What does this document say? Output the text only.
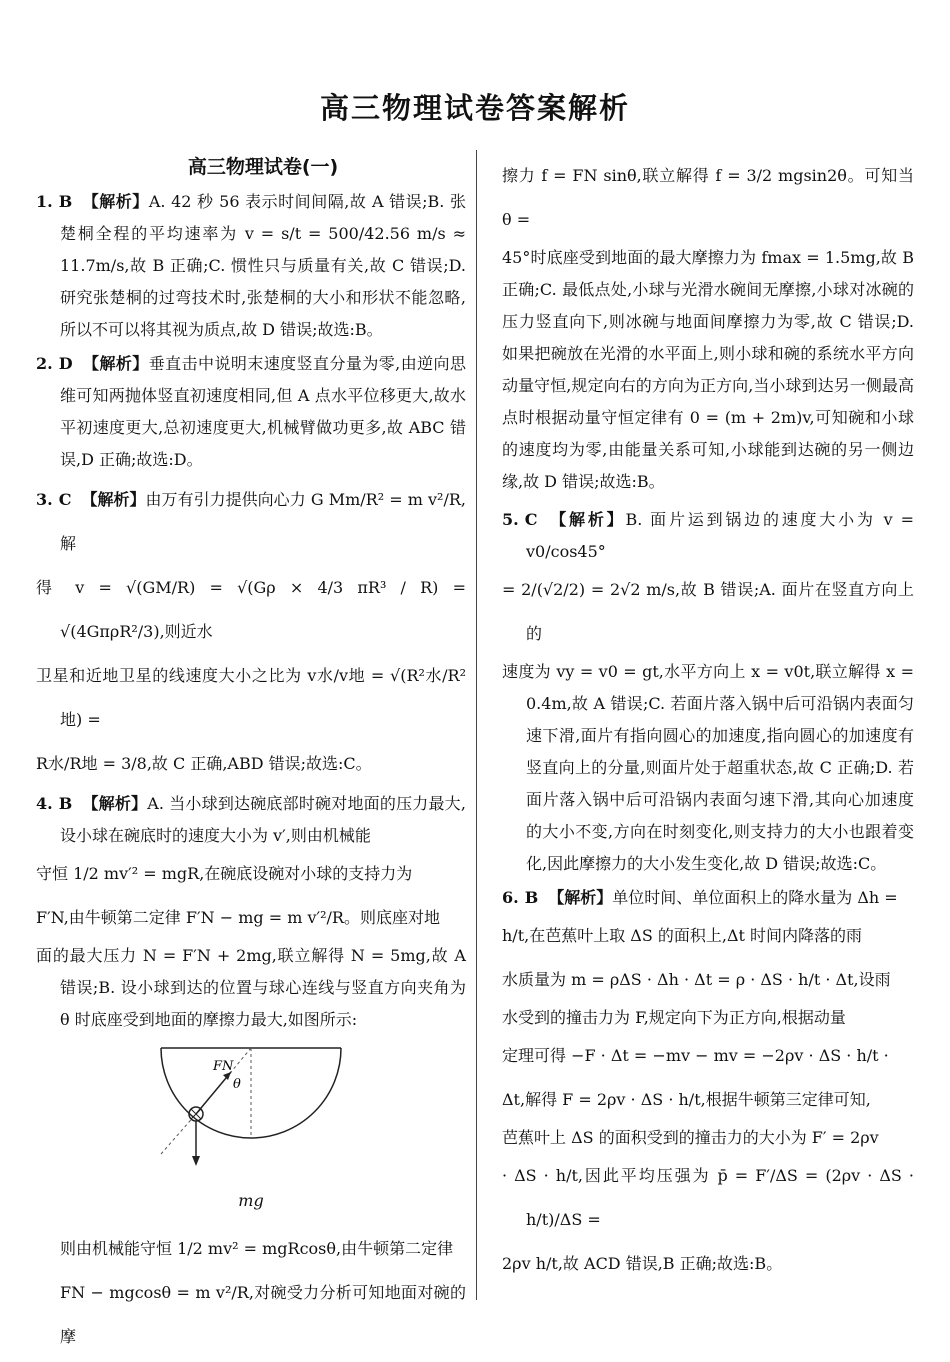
高三物理试卷答案解析
高三物理试卷(一)

1. B 【解析】A. 42 秒 56 表示时间间隔,故 A 错误;B. 张楚桐全程的平均速率为 v = s/t = 500/42.56 m/s ≈ 11.7m/s,故 B 正确;C. 惯性只与质量有关,故 C 错误;D. 研究张楚桐的过弯技术时,张楚桐的大小和形状不能忽略,所以不可以将其视为质点,故 D 错误;故选:B。

2. D 【解析】垂直击中说明末速度竖直分量为零,由逆向思维可知两抛体竖直初速度相同,但 A 点水平位移更大,故水平初速度更大,总初速度更大,机械臂做功更多,故 ABC 错误,D 正确;故选:D。

3. C 【解析】由万有引力提供向心力 G Mm/R² = m v²/R,解
得 v = √(GM/R) = √(Gρ × 4/3 πR³ / R) = √(4GπρR²/3),则近水
卫星和近地卫星的线速度大小之比为 v水/v地 = √(R²水/R²地) =
R水/R地 = 3/8,故 C 正确,ABD 错误;故选:C。

4. B 【解析】A. 当小球到达碗底部时碗对地面的压力最大,设小球在碗底时的速度大小为 v′,则由机械能
守恒 1/2 mv′² = mgR,在碗底设碗对小球的支持力为
F′N,由牛顿第二定律 F′N − mg = m v′²/R。则底座对地
面的最大压力 N = F′N + 2mg,联立解得 N = 5mg,故 A 错误;B. 设小球到达的位置与球心连线与竖直方向夹角为 θ 时底座受到地面的摩擦力最大,如图所示:

FN
θ
mg

则由机械能守恒 1/2 mv² = mgRcosθ,由牛顿第二定律
FN − mgcosθ = m v²/R,对碗受力分析可知地面对碗的摩

擦力 f = FN sinθ,联立解得 f = 3/2 mgsin2θ。可知当 θ =
45°时底座受到地面的最大摩擦力为 fmax = 1.5mg,故 B 正确;C. 最低点处,小球与光滑水碗间无摩擦,小球对冰碗的压力竖直向下,则冰碗与地面间摩擦力为零,故 C 错误;D. 如果把碗放在光滑的水平面上,则小球和碗的系统水平方向动量守恒,规定向右的方向为正方向,当小球到达另一侧最高点时根据动量守恒定律有 0 = (m + 2m)v,可知碗和小球的速度均为零,由能量关系可知,小球能到达碗的另一侧边缘,故 D 错误;故选:B。

5. C 【解析】B. 面片运到锅边的速度大小为 v = v0/cos45°
= 2/(√2/2) = 2√2 m/s,故 B 错误;A. 面片在竖直方向上的
速度为 vy = v0 = gt,水平方向上 x = v0t,联立解得 x = 0.4m,故 A 错误;C. 若面片落入锅中后可沿锅内表面匀速下滑,面片有指向圆心的加速度,指向圆心的加速度有竖直向上的分量,则面片处于超重状态,故 C 正确;D. 若面片落入锅中后可沿锅内表面匀速下滑,其向心加速度的大小不变,方向在时刻变化,则支持力的大小也跟着变化,因此摩擦力的大小发生变化,故 D 错误;故选:C。

6. B 【解析】单位时间、单位面积上的降水量为 Δh =
h/t,在芭蕉叶上取 ΔS 的面积上,Δt 时间内降落的雨
水质量为 m = ρΔS · Δh · Δt = ρ · ΔS · h/t · Δt,设雨
水受到的撞击力为 F,规定向下为正方向,根据动量
定理可得 −F · Δt = −mv − mv = −2ρv · ΔS · h/t ·
Δt,解得 F = 2ρv · ΔS · h/t,根据牛顿第三定律可知,
芭蕉叶上 ΔS 的面积受到的撞击力的大小为 F′ = 2ρv
· ΔS · h/t,因此平均压强为 p̄ = F′/ΔS = (2ρv · ΔS · h/t)/ΔS =
2ρv h/t,故 ACD 错误,B 正确;故选:B。
